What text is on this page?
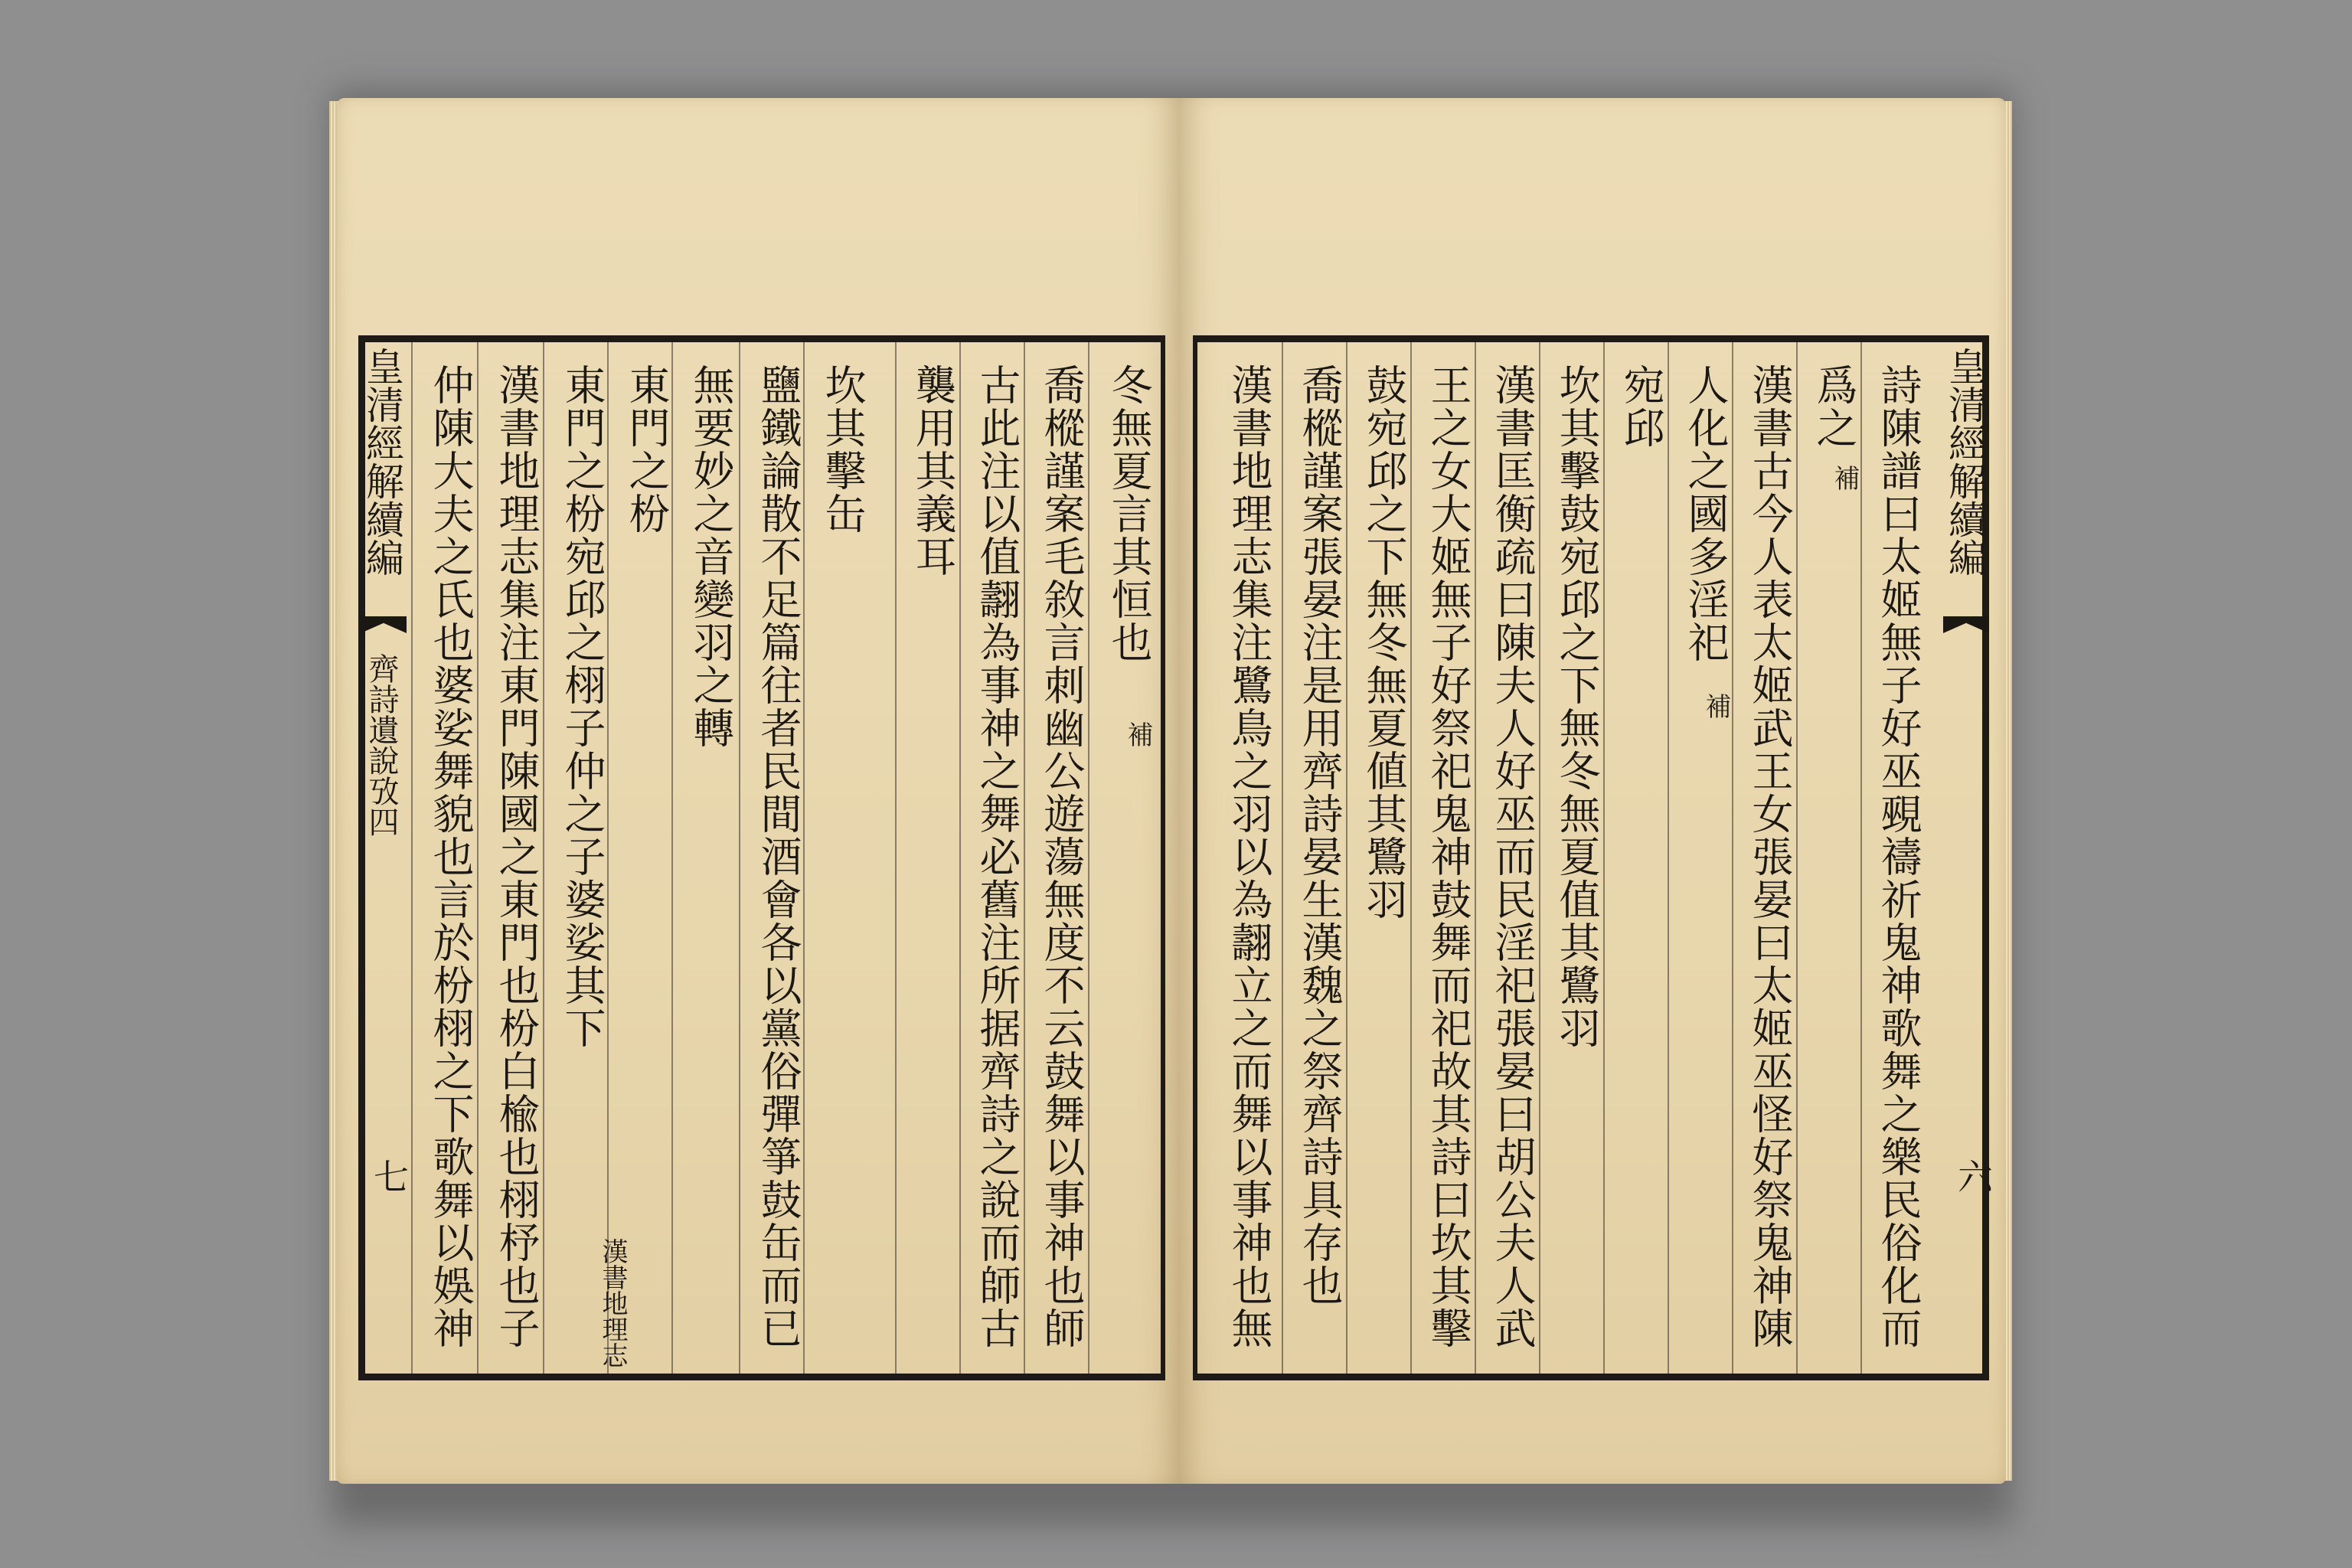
冬無夏言其恒也
補
喬樅謹案毛敘言刺幽公遊蕩無度不云鼓舞以事神也師
古此注以值翿為事神之舞必舊注所据齊詩之說而師古
襲用其義耳
坎其擊缶
鹽鐵論散不足篇往者民間酒會各以黨俗彈箏鼓缶而已
無要妙之音變羽之轉
東門之枌
東門之枌宛邱之栩子仲之子婆娑其下
漢書地理志
漢書地理志集注東門陳國之東門也枌白楡也栩杼也子
仲陳大夫之氏也婆娑舞貌也言於枌栩之下歌舞以娛神
皇清經解續編
齊詩遺說攷四
七
皇清經解續編
六
詩陳譜曰太姬無子好巫覡禱祈鬼神歌舞之樂民俗化而
爲之
補
漢書古今人表太姬武王女張晏曰太姬巫怪好祭鬼神陳
人化之國多淫祀
補
宛邱
坎其擊鼓宛邱之下無冬無夏值其鷺羽
漢書匡衡疏曰陳夫人好巫而民淫祀張晏曰胡公夫人武
王之女大姬無子好祭祀鬼神鼓舞而祀故其詩曰坎其擊
鼓宛邱之下無冬無夏値其鷺羽
喬樅謹案張晏注是用齊詩晏生漢魏之祭齊詩具存也
漢書地理志集注鷺鳥之羽以為翿立之而舞以事神也無
